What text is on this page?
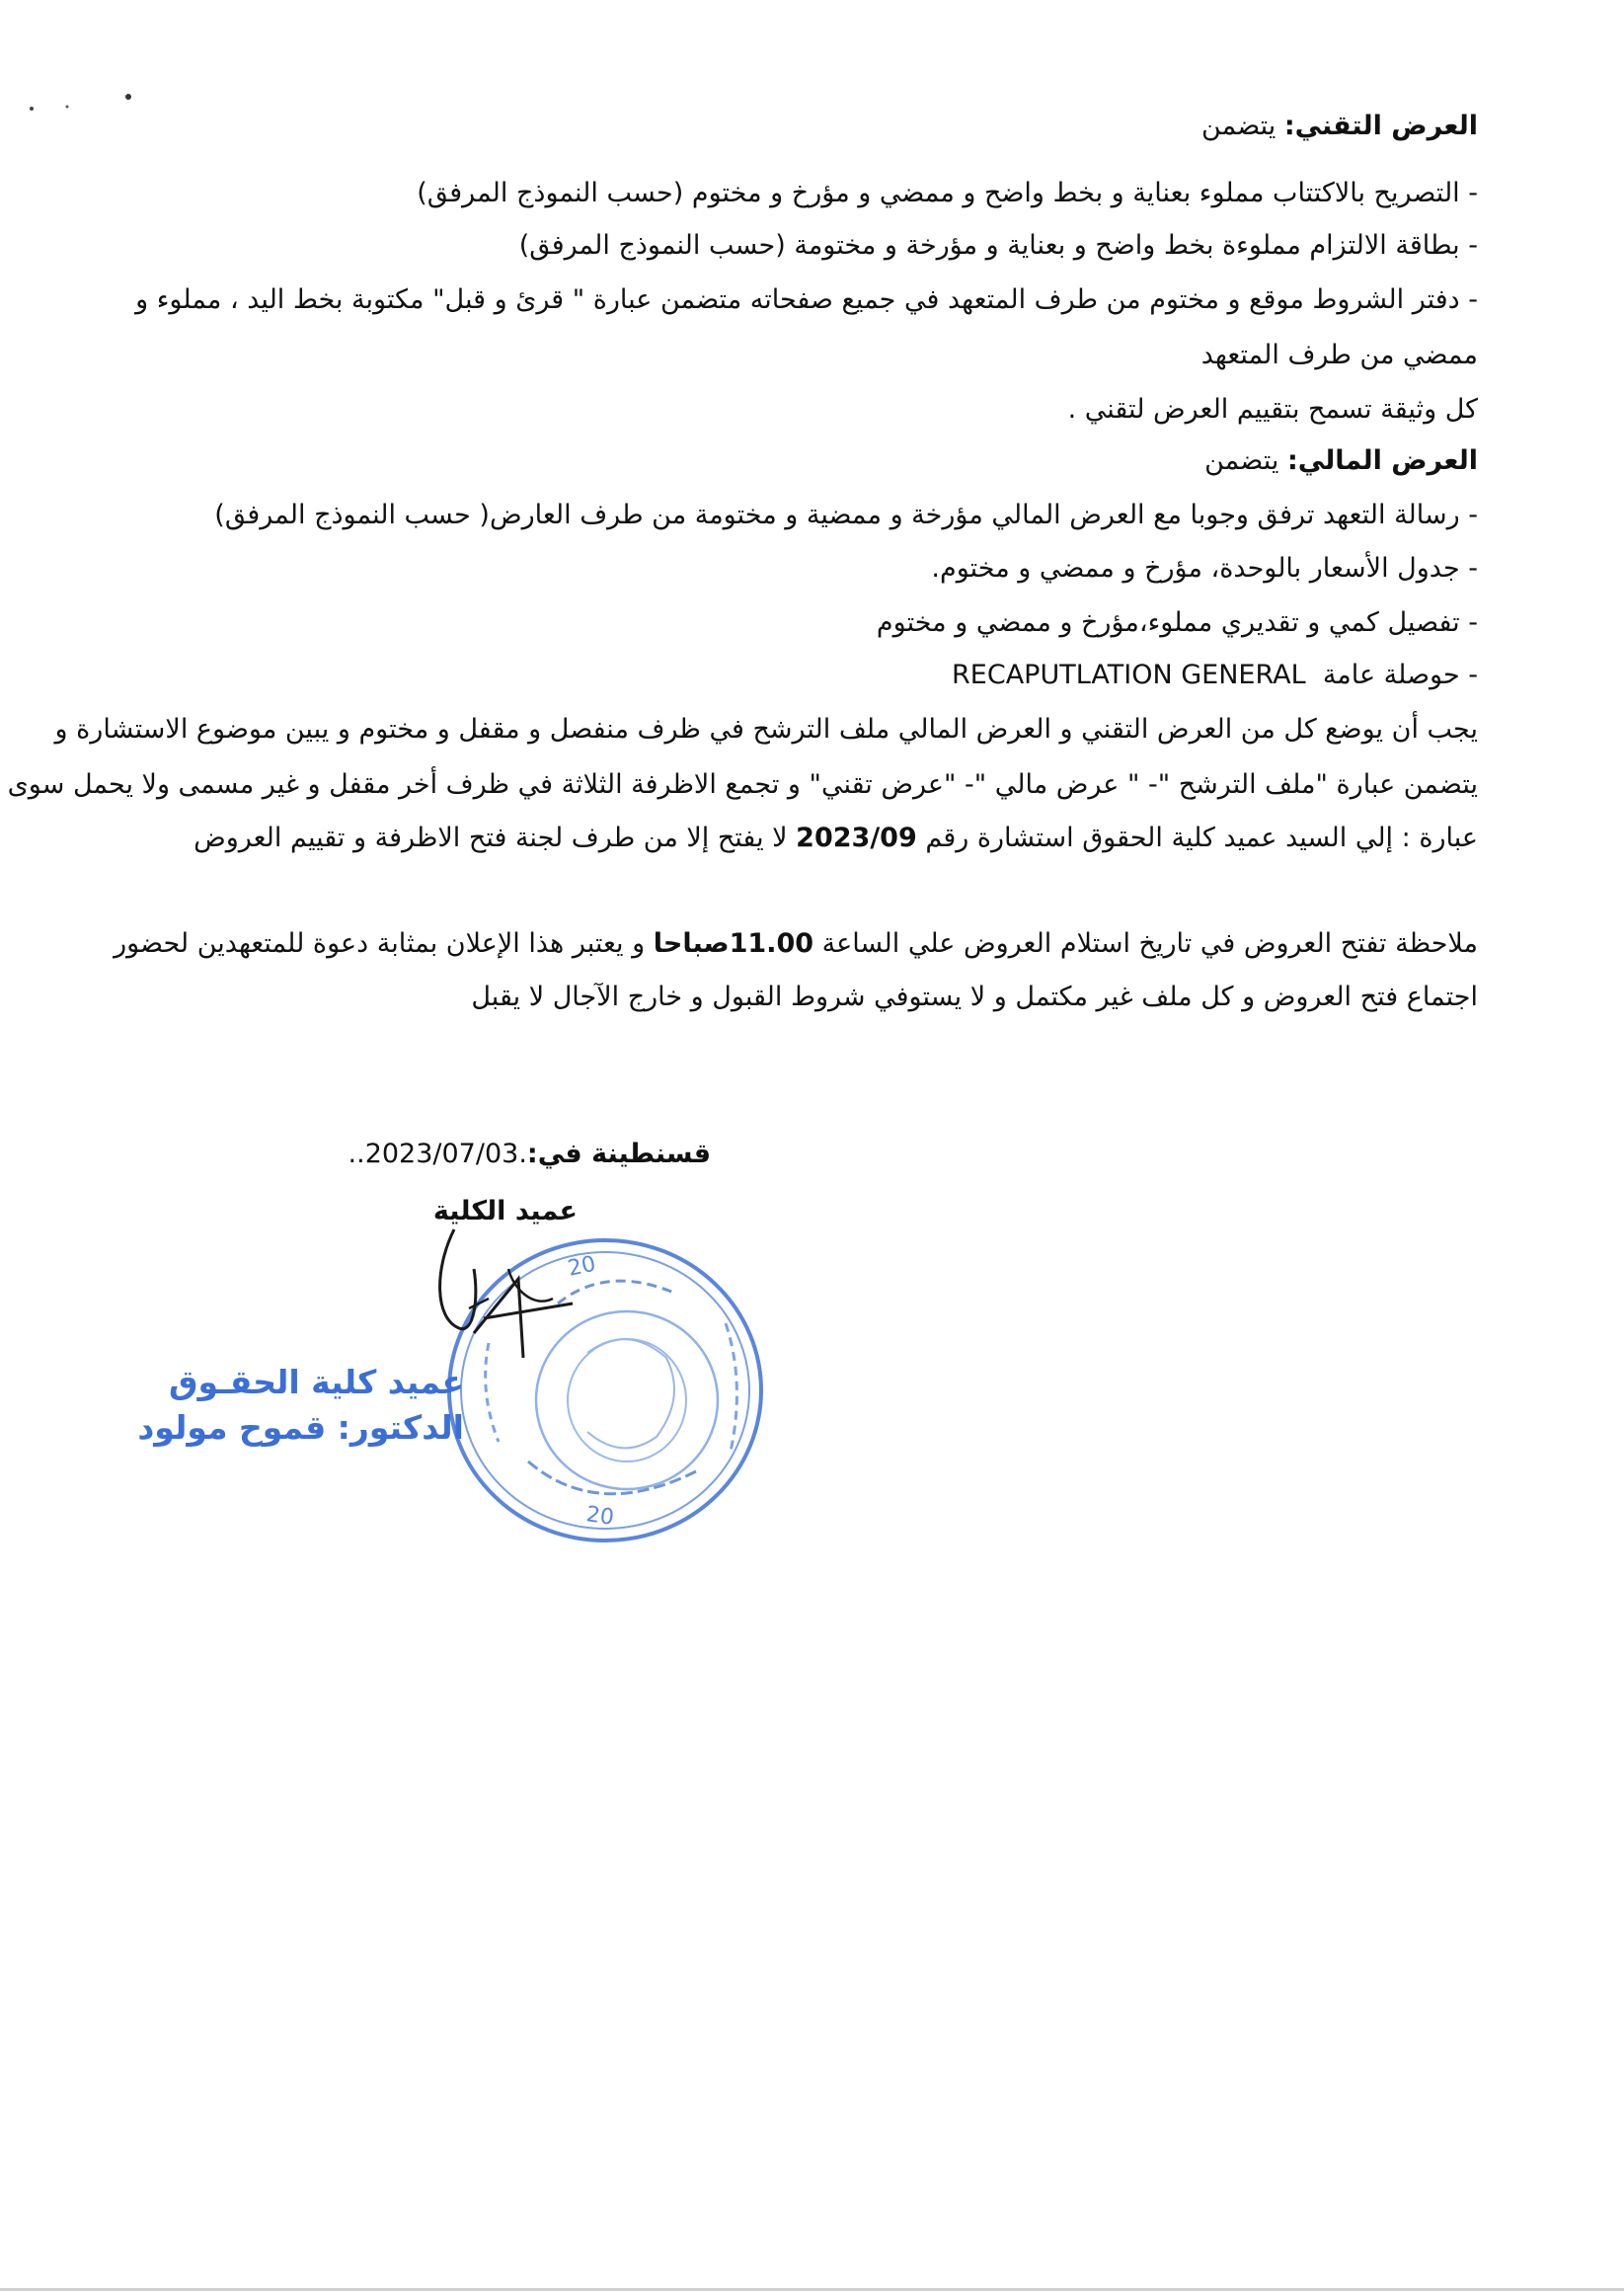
العرض التقني: يتضمن
- التصريح بالاكتتاب مملوء بعناية و بخط واضح و ممضي و مؤرخ و مختوم (حسب النموذج المرفق)
- بطاقة الالتزام مملوءة بخط واضح و بعناية و مؤرخة و مختومة (حسب النموذج المرفق)
- دفتر الشروط موقع و مختوم من طرف المتعهد في جميع صفحاته متضمن عبارة " قرئ و قبل" مكتوبة بخط اليد ، مملوء و
ممضي من طرف المتعهد
كل وثيقة تسمح بتقييم العرض لتقني .
العرض المالي: يتضمن
- رسالة التعهد ترفق وجوبا مع العرض المالي مؤرخة و ممضية و مختومة من طرف العارض( حسب النموذج المرفق)
- جدول الأسعار بالوحدة، مؤرخ و ممضي و مختوم.
- تفصيل كمي و تقديري مملوء،مؤرخ و ممضي و مختوم
- حوصلة عامة  RECAPUTLATION GENERAL
يجب أن يوضع كل من العرض التقني و العرض المالي ملف الترشح في ظرف منفصل و مقفل و مختوم و يبين موضوع الاستشارة و
يتضمن عبارة "ملف الترشح "- " عرض مالي "- "عرض تقني" و تجمع الاظرفة الثلاثة في ظرف أخر مقفل و غير مسمى ولا يحمل سوى
عبارة : إلي السيد عميد كلية الحقوق استشارة رقم 2023/09 لا يفتح إلا من طرف لجنة فتح الاظرفة و تقييم العروض
ملاحظة تفتح العروض في تاريخ استلام العروض علي الساعة 11.00صباحا و يعتبر هذا الإعلان بمثابة دعوة للمتعهدين لحضور
اجتماع فتح العروض و كل ملف غير مكتمل و لا يستوفي شروط القبول و خارج الآجال لا يقبل
قسنطينة في:..2023/07/03.
عميد الكلية
20
20
عميد كلية الحقـوق
الدكتور: قموح مولود
